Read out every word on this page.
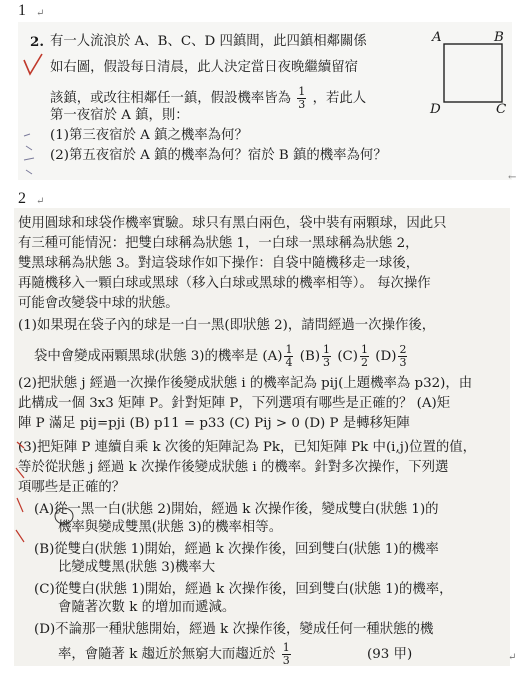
1 ↵
2. 有一人流浪於 A、B、C、D 四鎮間，此四鎮相鄰關係
如右圖，假設每日清晨，此人決定當日夜晚繼續留宿
該鎮，或改往相鄰任一鎮，假設機率皆為 $\frac{1}{3}$ ，若此人
第一夜宿於 A 鎮，則：
(1)第三夜宿於 A 鎮之機率為何？
(2)第五夜宿於 A 鎮的機率為何？宿於 B 鎮的機率為何？
A	B
D	C
←
2 ↵
使用圓球和球袋作機率實驗。球只有黑白兩色，袋中裝有兩顆球，因此只
有三種可能情況：把雙白球稱為狀態 1，一白球一黑球稱為狀態 2，
雙黑球稱為狀態 3。對這袋球作如下操作：自袋中隨機移走一球後，
再隨機移入一顆白球或黑球（移入白球或黑球的機率相等）。 每次操作
可能會改變袋中球的狀態。
(1)如果現在袋子內的球是一白一黑(即狀態 2)，請問經過一次操作後，
袋中會變成兩顆黑球(狀態 3)的機率是 $(A) \frac{1}{4} (B) \frac{1}{3} (C) \frac{1}{2} (D) \frac{2}{3}$
(2)把狀態 j 經過一次操作後變成狀態 i 的機率記為 pij(上題機率為 p32)，由
此構成一個 3x3 矩陣 P。針對矩陣 P，下列選項有哪些是正確的？ (A)矩
陣 P 滿足 pij=pji (B) p11 = p33 (C) Pij > 0 (D) P 是轉移矩陣
(3)把矩陣 P 連續自乘 k 次後的矩陣記為 Pk，已知矩陣 Pk 中(i,j)位置的值，
等於從狀態 j 經過 k 次操作後變成狀態 i 的機率。針對多次操作，下列選
項哪些是正確的？
(A)從一黑一白(狀態 2)開始，經過 k 次操作後，變成雙白(狀態 1)的
機率與變成雙黑(狀態 3)的機率相等。
(B)從雙白(狀態 1)開始，經過 k 次操作後，回到雙白(狀態 1)的機率
比變成雙黑(狀態 3)機率大
(C)從雙白(狀態 1)開始，經過 k 次操作後，回到雙白(狀態 1)的機率，
會隨著次數 k 的增加而遞減。
(D)不論那一種狀態開始，經過 k 次操作後，變成任何一種狀態的機
率，會隨著 k 趨近於無窮大而趨近於 $\frac{1}{3}$	(93 甲)	↵
